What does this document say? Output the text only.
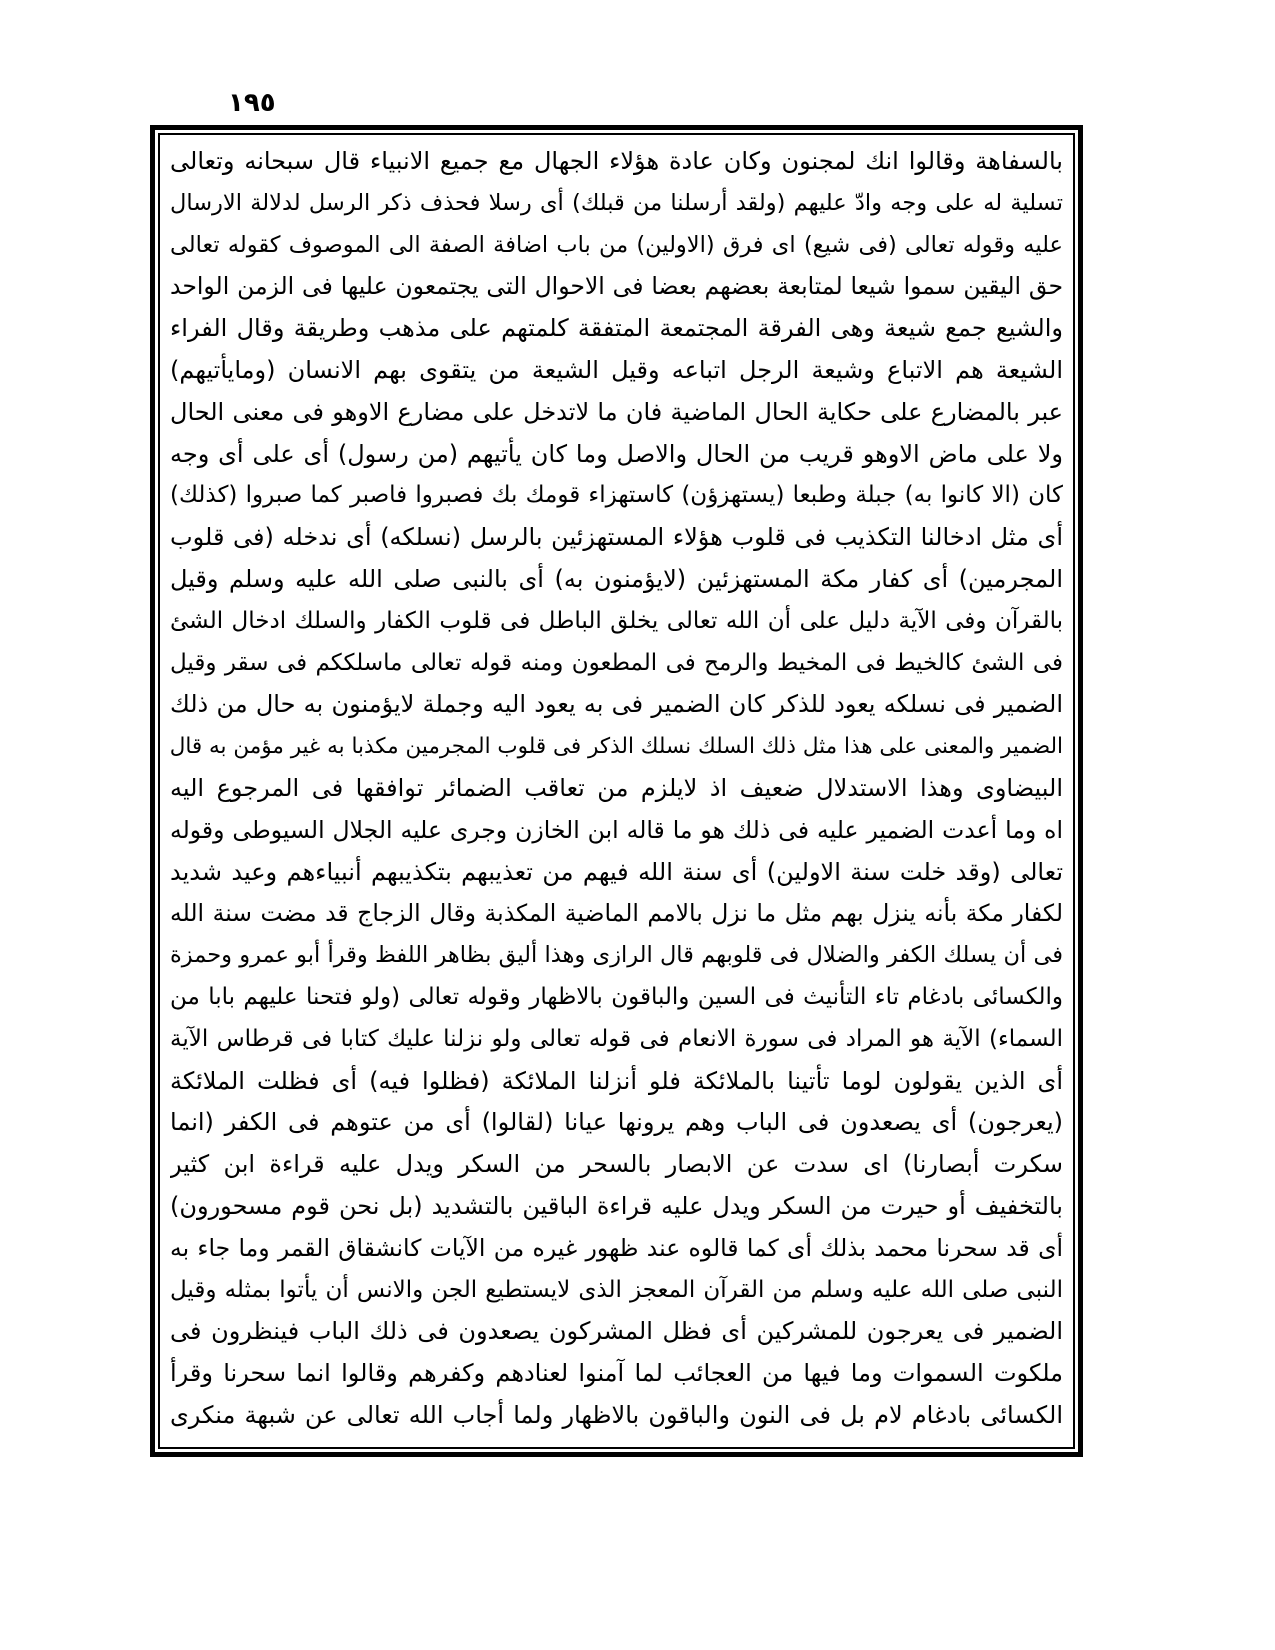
١٩٥
بالسفاهة وقالوا انك لمجنون وكان عادة هؤلاء الجهال مع جميع الانبياء قال سبحانه وتعالى
تسلية له على وجه وادّ عليهم (ولقد أرسلنا من قبلك) أى رسلا فحذف ذكر الرسل لدلالة الارسال
عليه وقوله تعالى (فى شيع) اى فرق (الاولين) من باب اضافة الصفة الى الموصوف كقوله تعالى
حق اليقين سموا شيعا لمتابعة بعضهم بعضا فى الاحوال التى يجتمعون عليها فى الزمن الواحد
والشيع جمع شيعة وهى الفرقة المجتمعة المتفقة كلمتهم على مذهب وطريقة وقال الفراء
الشيعة هم الاتباع وشيعة الرجل اتباعه وقيل الشيعة من يتقوى بهم الانسان (ومايأتيهم)
عبر بالمضارع على حكاية الحال الماضية فان ما لاتدخل على مضارع الاوهو فى معنى الحال
ولا على ماض الاوهو قريب من الحال والاصل وما كان يأتيهم (من رسول) أى على أى وجه
كان (الا كانوا به) جبلة وطبعا (يستهزؤن) كاستهزاء قومك بك فصبروا فاصبر كما صبروا (كذلك)
أى مثل ادخالنا التكذيب فى قلوب هؤلاء المستهزئين بالرسل (نسلكه) أى ندخله (فى قلوب
المجرمين) أى كفار مكة المستهزئين (لايؤمنون به) أى بالنبى صلى الله عليه وسلم وقيل
بالقرآن وفى الآية دليل على أن الله تعالى يخلق الباطل فى قلوب الكفار والسلك ادخال الشئ
فى الشئ كالخيط فى المخيط والرمح فى المطعون ومنه قوله تعالى ماسلككم فى سقر وقيل
الضمير فى نسلكه يعود للذكر كان الضمير فى به يعود اليه وجملة لايؤمنون به حال من ذلك
الضمير والمعنى على هذا مثل ذلك السلك نسلك الذكر فى قلوب المجرمين مكذبا به غير مؤمن به قال
البيضاوى وهذا الاستدلال ضعيف اذ لايلزم من تعاقب الضمائر توافقها فى المرجوع اليه
اه وما أعدت الضمير عليه فى ذلك هو ما قاله ابن الخازن وجرى عليه الجلال السيوطى وقوله
تعالى (وقد خلت سنة الاولين) أى سنة الله فيهم من تعذيبهم بتكذيبهم أنبياءهم وعيد شديد
لكفار مكة بأنه ينزل بهم مثل ما نزل بالامم الماضية المكذبة وقال الزجاج قد مضت سنة الله
فى أن يسلك الكفر والضلال فى قلوبهم قال الرازى وهذا أليق بظاهر اللفظ وقرأ أبو عمرو وحمزة
والكسائى بادغام تاء التأنيث فى السين والباقون بالاظهار وقوله تعالى (ولو فتحنا عليهم بابا من
السماء) الآية هو المراد فى سورة الانعام فى قوله تعالى ولو نزلنا عليك كتابا فى قرطاس الآية
أى الذين يقولون لوما تأتينا بالملائكة فلو أنزلنا الملائكة (فظلوا فيه) أى فظلت الملائكة
(يعرجون) أى يصعدون فى الباب وهم يرونها عيانا (لقالوا) أى من عتوهم فى الكفر (انما
سكرت أبصارنا) اى سدت عن الابصار بالسحر من السكر ويدل عليه قراءة ابن كثير
بالتخفيف أو حيرت من السكر ويدل عليه قراءة الباقين بالتشديد (بل نحن قوم مسحورون)
أى قد سحرنا محمد بذلك أى كما قالوه عند ظهور غيره من الآيات كانشقاق القمر وما جاء به
النبى صلى الله عليه وسلم من القرآن المعجز الذى لايستطيع الجن والانس أن يأتوا بمثله وقيل
الضمير فى يعرجون للمشركين أى فظل المشركون يصعدون فى ذلك الباب فينظرون فى
ملكوت السموات وما فيها من العجائب لما آمنوا لعنادهم وكفرهم وقالوا انما سحرنا وقرأ
الكسائى بادغام لام بل فى النون والباقون بالاظهار ولما أجاب الله تعالى عن شبهة منكرى
